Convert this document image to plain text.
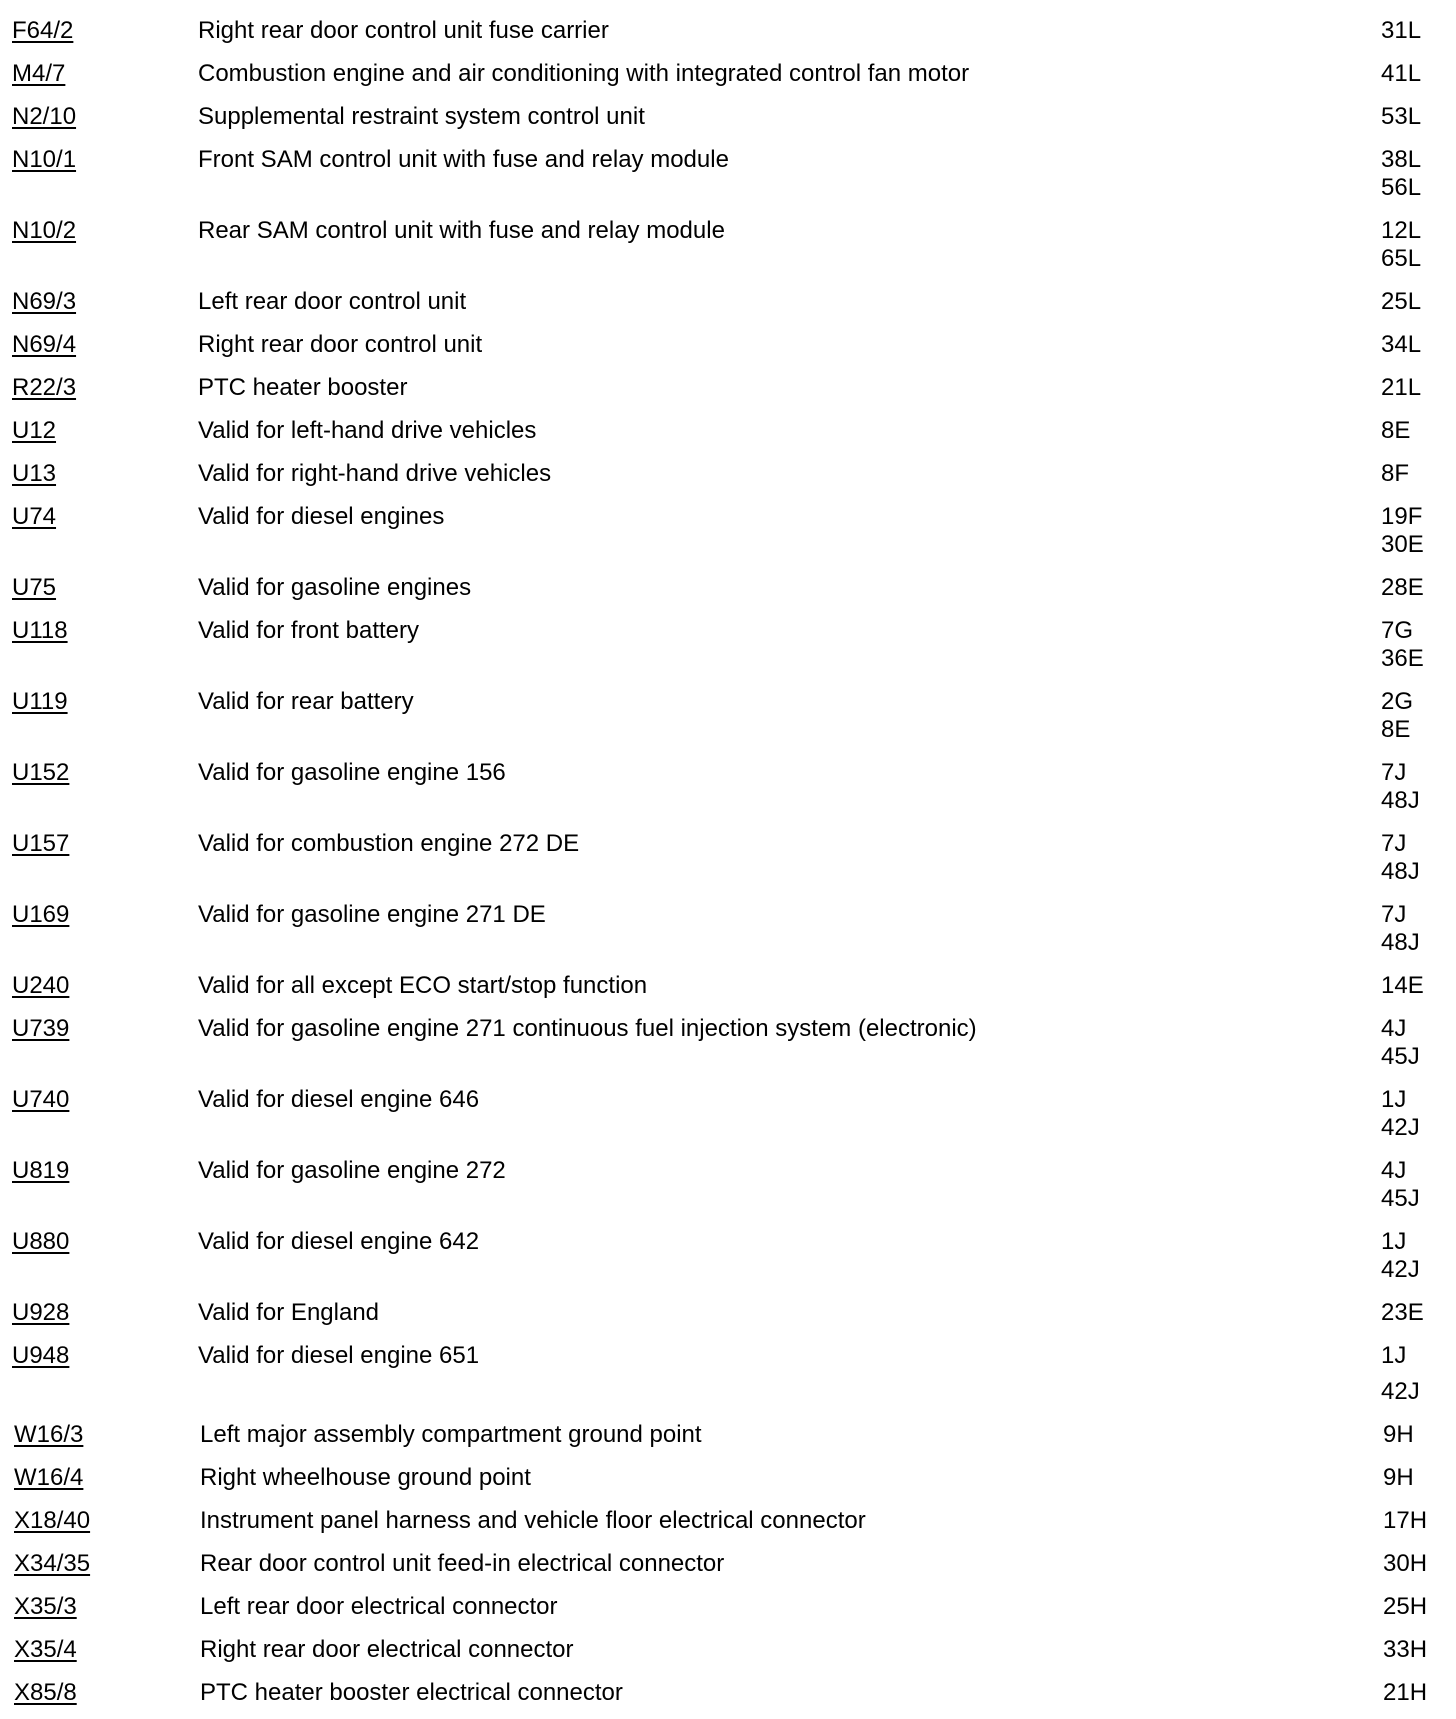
F64/2	Right rear door control unit fuse carrier	31L
M4/7	Combustion engine and air conditioning with integrated control fan motor	41L
N2/10	Supplemental restraint system control unit	53L
N10/1	Front SAM control unit with fuse and relay module	38L
56L
N10/2	Rear SAM control unit with fuse and relay module	12L
65L
N69/3	Left rear door control unit	25L
N69/4	Right rear door control unit	34L
R22/3	PTC heater booster	21L
U12	Valid for left-hand drive vehicles	8E
U13	Valid for right-hand drive vehicles	8F
U74	Valid for diesel engines	19F
30E
U75	Valid for gasoline engines	28E
U118	Valid for front battery	7G
36E
U119	Valid for rear battery	2G
8E
U152	Valid for gasoline engine 156	7J
48J
U157	Valid for combustion engine 272 DE	7J
48J
U169	Valid for gasoline engine 271 DE	7J
48J
U240	Valid for all except ECO start/stop function	14E
U739	Valid for gasoline engine 271 continuous fuel injection system (electronic)	4J
45J
U740	Valid for diesel engine 646	1J
42J
U819	Valid for gasoline engine 272	4J
45J
U880	Valid for diesel engine 642	1J
42J
U928	Valid for England	23E
U948	Valid for diesel engine 651	1J
42J
W16/3	Left major assembly compartment ground point	9H
W16/4	Right wheelhouse ground point	9H
X18/40	Instrument panel harness and vehicle floor electrical connector	17H
X34/35	Rear door control unit feed-in electrical connector	30H
X35/3	Left rear door electrical connector	25H
X35/4	Right rear door electrical connector	33H
X85/8	PTC heater booster electrical connector	21H
